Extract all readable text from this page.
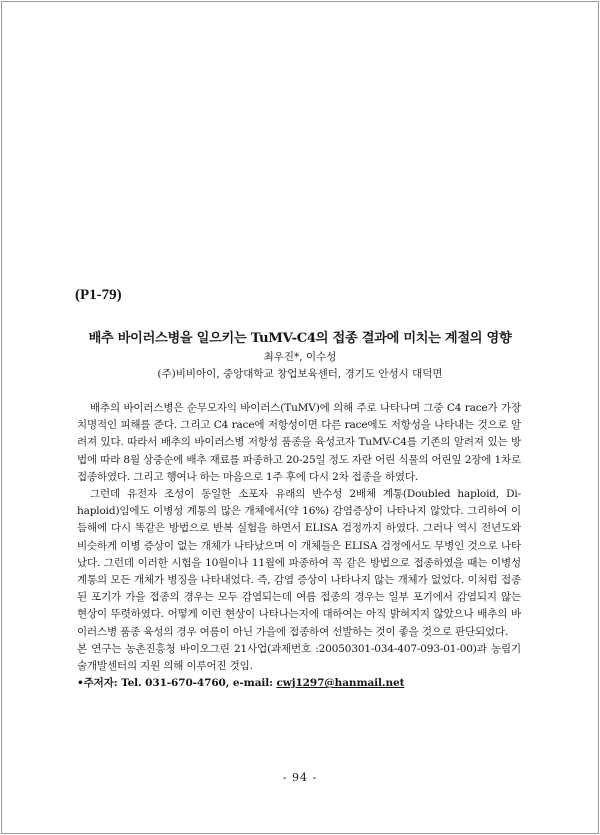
(P1-79)
배추 바이러스병을 일으키는 TuMV-C4의 접종 결과에 미치는 계절의 영향
최우진*, 이수성
(주)비비아이, 중앙대학교 창업보육센터, 경기도 안성시 대덕면

배추의 바이러스병은 순무모자익 바이러스(TuMV)에 의해 주로 나타나며 그중 C4 race가 가장 치명적인 피해를 준다. 그리고 C4 race에 저항성이면 다른 race에도 저항성을 나타내는 것으로 알려져 있다. 따라서 배추의 바이러스병 저항성 품종을 육성코자 TuMV-C4를 기존의 알려져 있는 방법에 따라 8월 상중순에 배추 재료를 파종하고 20-25일 정도 자란 어린 식물의 어린잎 2장에 1차로 접종하였다. 그리고 행여나 하는 마음으로 1주 후에 다시 2차 접종을 하였다.

그런데 유전자 조성이 동일한 소포자 유래의 반수성 2배체 계통(Doubled haploid, Di-haploid)임에도 이병성 계통의 많은 개체에서(약 16%) 감염증상이 나타나지 않았다. 그리하여 이듬해에 다시 똑같은 방법으로 반복 실험을 하면서 ELISA 검정까지 하였다. 그러나 역시 전년도와 비슷하게 이병 증상이 없는 개체가 나타났으며 이 개체들은 ELISA 검정에서도 무병인 것으로 나타났다. 그런데 이러한 시험을 10월이나 11월에 파종하여 꼭 같은 방법으로 접종하였을 때는 이병성 계통의 모든 개체가 병징을 나타내었다. 즉, 감염 증상이 나타나지 않는 개체가 없었다. 이처럼 접종된 포기가 가을 접종의 경우는 모두 감염되는데 여름 접종의 경우는 일부 포기에서 감염되지 않는 현상이 뚜렷하였다. 어떻게 이런 현상이 나타나는지에 대하여는 아직 밝혀지지 않았으나 배추의 바이러스병 품종 육성의 경우 여름이 아닌 가을에 접종하여 선발하는 것이 좋을 것으로 판단되었다.

본 연구는 농촌진흥청 바이오그린 21사업(과제번호 :20050301-034-407-093-01-00)과 농림기술개발센터의 지원 의해 이루어진 것임.

•주저자: Tel. 031-670-4760, e-mail: cwj1297@hanmail.net

- 94 -
